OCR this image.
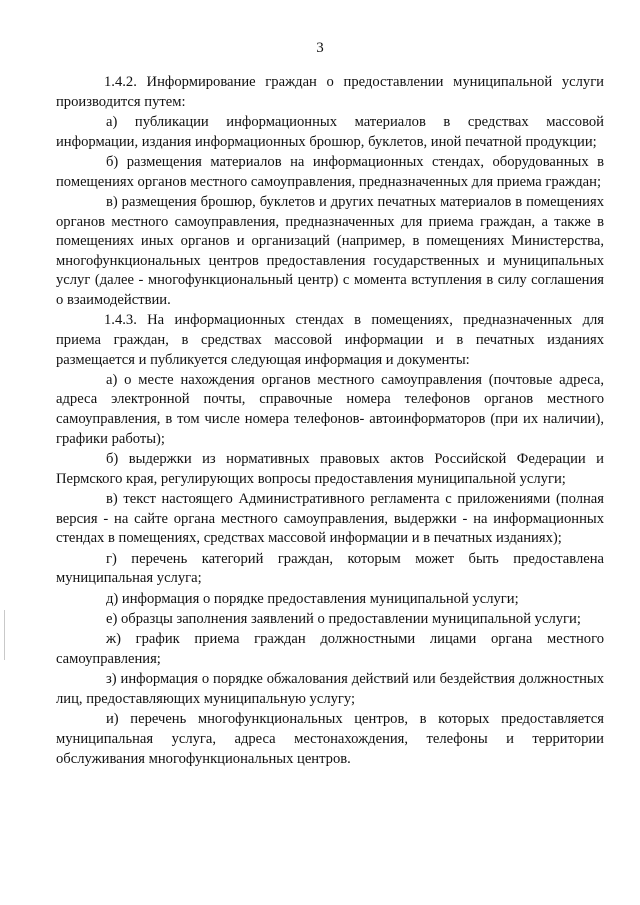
3

1.4.2. Информирование граждан о предоставлении муниципальной услуги производится путем:

а) публикации информационных материалов в средствах массовой информации, издания информационных брошюр, буклетов, иной печатной продукции;

б) размещения материалов на информационных стендах, оборудованных в помещениях органов местного самоуправления, предназначенных для приема граждан;

в) размещения брошюр, буклетов и других печатных материалов в помещениях органов местного самоуправления, предназначенных для приема граждан, а также в помещениях иных органов и организаций (например, в помещениях Министерства, многофункциональных центров предоставления государственных и муниципальных услуг (далее - многофункциональный центр) с момента вступления в силу соглашения о взаимодействии.

1.4.3. На информационных стендах в помещениях, предназначенных для приема граждан, в средствах массовой информации и в печатных изданиях размещается и публикуется следующая информация и документы:

а) о месте нахождения органов местного самоуправления (почтовые адреса, адреса электронной почты, справочные номера телефонов органов местного самоуправления, в том числе номера телефонов- автоинформаторов (при их наличии), графики работы);

б) выдержки из нормативных правовых актов Российской Федерации и Пермского края, регулирующих вопросы предоставления муниципальной услуги;

в) текст настоящего Административного регламента с приложениями (полная версия - на сайте органа местного самоуправления, выдержки - на информационных стендах в помещениях, средствах массовой информации и в печатных изданиях);

г) перечень категорий граждан, которым может быть предоставлена муниципальная услуга;

д) информация о порядке предоставления муниципальной услуги;

е) образцы заполнения заявлений о предоставлении муниципальной услуги;

ж) график приема граждан должностными лицами органа местного самоуправления;

з) информация о порядке обжалования действий или бездействия должностных лиц, предоставляющих муниципальную услугу;

и) перечень многофункциональных центров, в которых предоставляется муниципальная услуга, адреса местонахождения, телефоны и территории обслуживания многофункциональных центров.
